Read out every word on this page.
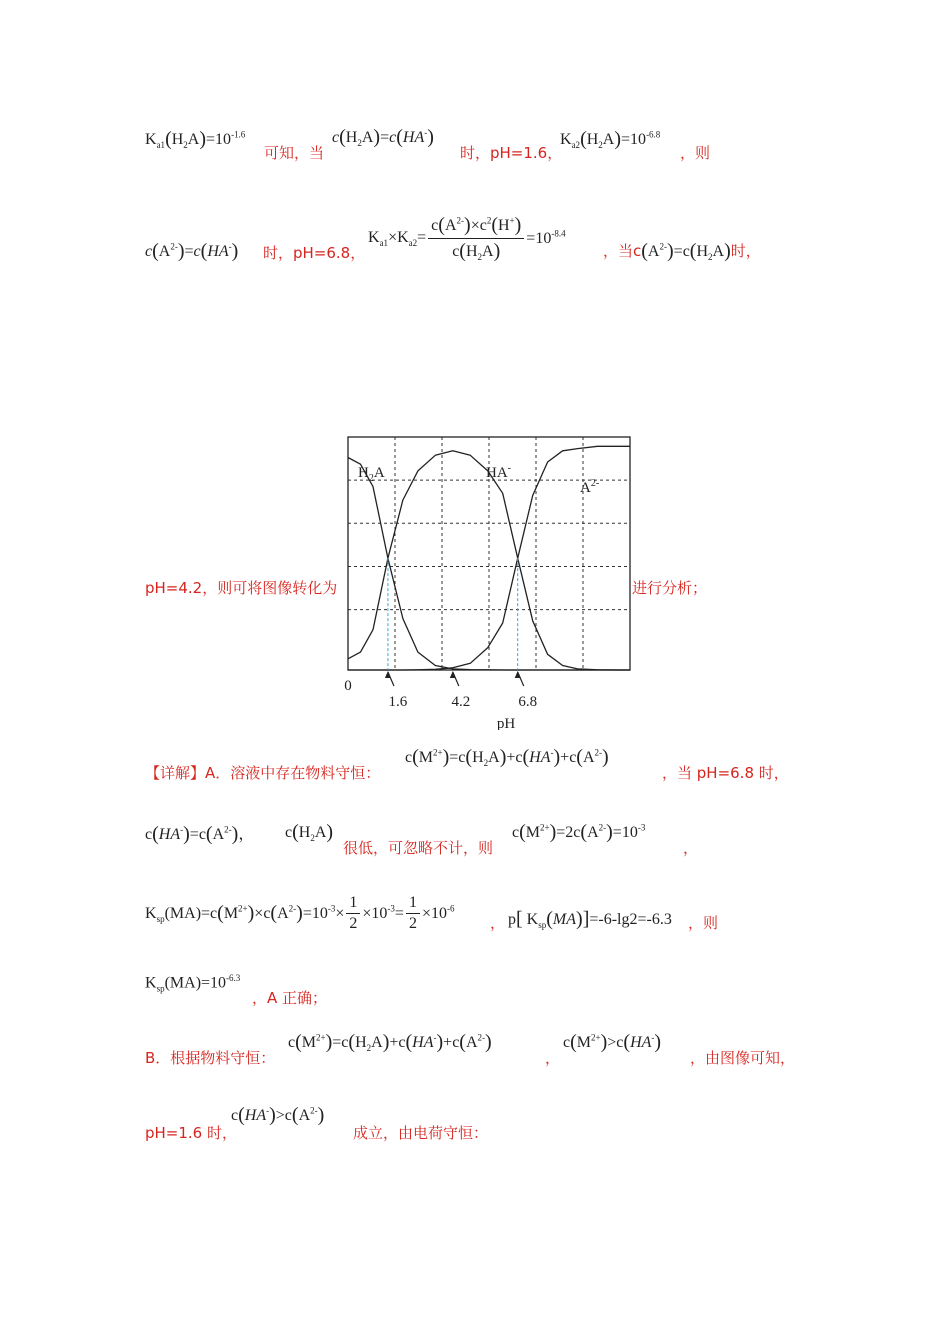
$K_{a1}(H_2A)=10^{-1.6}$
可知，当
$c(H_2A)=c(HA^-)$
时，pH=1.6，
$K_{a2}(H_2A)=10^{-6.8}$
，则
$c(A^{2-})=c(HA^-)$ 时，pH=6.8，
$K_{a1}\times K_{a2}= \frac{c(A^{2-})\times c^2(H^+)}{c(H_2A)} =10^{-8.4}$
，当$c(A^{2-})=c(H_2A)$时，
pH=4.2，则可将图像转化为	进行分析；
0
1.6	4.2	6.8
pH
$H_2A$	HA-
$A^{2-}$
【详解】A．溶液中存在物料守恒：
$c(M^{2+})=c(H_2A)+c(HA^-)+c(A^{2-})$
，当 pH=6.8 时，
$c(HA^-)=c(A^{2-})$， $c(H_2A)$
很低，可忽略不计，则
$c(M^{2+})=2c(A^{2-})=10^{-3}$
，
$K_{sp}(MA)=c(M^{2+})\times c(A^{2-})=10^{-3}\times \frac{1}{2} \times 10^{-3}= \frac{1}{2} \times 10^{-6}$
， p[ $K_{sp}(MA)]=-6-\lg 2=-6.3$ ，则
$K_{sp}(MA)=10^{-6.3}$
，A 正确；
B．根据物料守恒：
$c(M^{2+})=c(H_2A)+c(HA^-)+c(A^{2-})$
，
$c(M^{2+})>c(HA^-)$
，由图像可知，
pH=1.6 时，
$c(HA^-)>c(A^{2-})$
成立，由电荷守恒：
